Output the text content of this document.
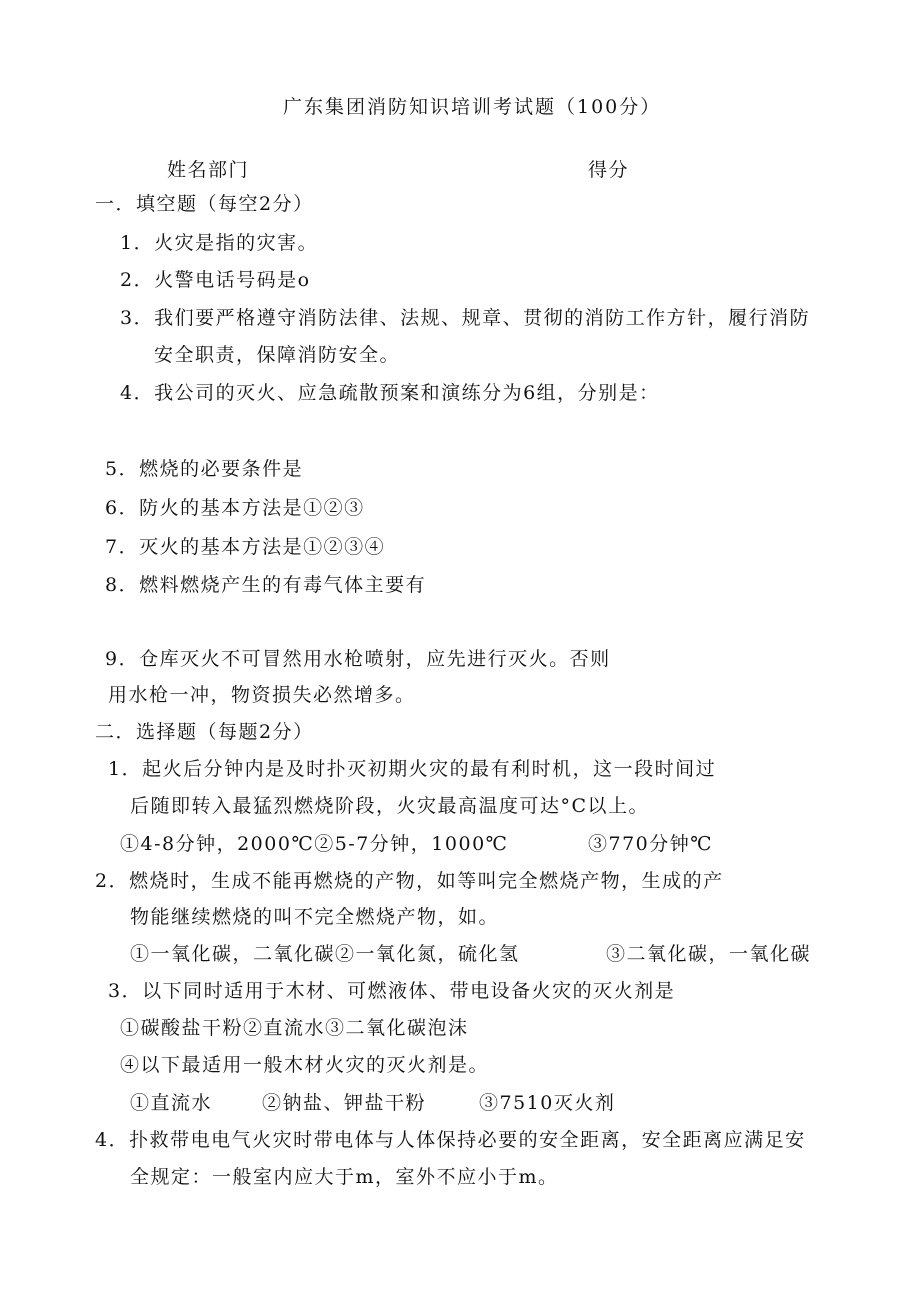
广东集团消防知识培训考试题（100分）
姓名部门	得分
一．填空题（每空2分）
1．火灾是指的灾害。
2．火警电话号码是o
3．我们要严格遵守消防法律、法规、规章、贯彻的消防工作方针，履行消防
安全职责，保障消防安全。
4．我公司的灭火、应急疏散预案和演练分为6组，分别是：
5．燃烧的必要条件是
6．防火的基本方法是①②③
7．灭火的基本方法是①②③④
8．燃料燃烧产生的有毒气体主要有
9．仓库灭火不可冒然用水枪喷射，应先进行灭火。否则
用水枪一冲，物资损失必然增多。
二．选择题（每题2分）
1．起火后分钟内是及时扑灭初期火灾的最有利时机，这一段时间过
后随即转入最猛烈燃烧阶段，火灾最高温度可达°C以上。
①4-8分钟，2000℃②5-7分钟，1000℃	③770分钟℃
2．燃烧时，生成不能再燃烧的产物，如等叫完全燃烧产物，生成的产
物能继续燃烧的叫不完全燃烧产物，如。
①一氧化碳，二氧化碳②一氧化氮，硫化氢	③二氧化碳，一氧化碳
3．以下同时适用于木材、可燃液体、带电设备火灾的灭火剂是
①碳酸盐干粉②直流水③二氧化碳泡沫
④以下最适用一般木材火灾的灭火剂是。
①直流水	②钠盐、钾盐干粉	③7510灭火剂
4．扑救带电电气火灾时带电体与人体保持必要的安全距离，安全距离应满足安
全规定：一般室内应大于m，室外不应小于m。
